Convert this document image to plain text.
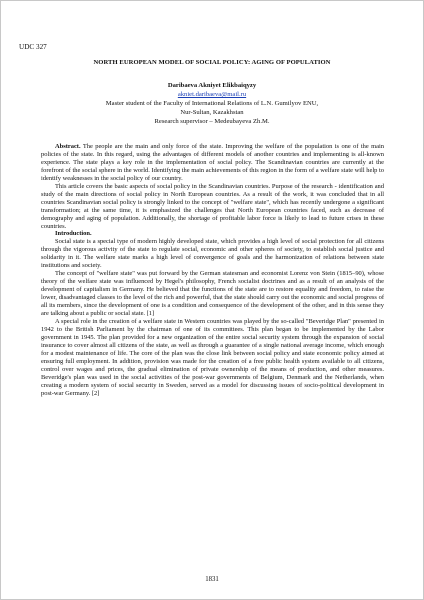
UDC 327
NORTH EUROPEAN MODEL OF SOCIAL POLICY: AGING OF POPULATION
Daribaeva Akniyet Elikbaiqyzy
akniet.daribaeva@mail.ru
Master student of the Faculty of International Relations of L.N. Gumilyov ENU,
Nur-Sultan, Kazakhstan
Research supervisor – Medeubayeva Zh.M.

Abstract. The people are the main and only force of the state. Improving the welfare of the population is one of the main policies of the state. In this regard, using the advantages of different models of another countries and implementing is all-known experience. The state plays a key role in the implementation of social policy. The Scandinavian countries are currently at the forefront of the social sphere in the world. Identifying the main achievements of this region in the form of a welfare state will help to identify weaknesses in the social policy of our country.

This article covers the basic aspects of social policy in the Scandinavian countries. Purpose of the research - identification and study of the main directions of social policy in North European countries. As a result of the work, it was concluded that in all countries Scandinavian social policy is strongly linked to the concept of "welfare state", which has recently undergone a significant transformation; at the same time, it is emphasized the challenges that North European countries faced, such as decrease of demography and aging of population. Additionally, the shortage of profitable labor force is likely to lead to future crises in these countries.

Introduction.

Social state is a special type of modern highly developed state, which provides a high level of social protection for all citizens through the vigorous activity of the state to regulate social, economic and other spheres of society, to establish social justice and solidarity in it. The welfare state marks a high level of convergence of goals and the harmonization of relations between state institutions and society.

The concept of "welfare state" was put forward by the German statesman and economist Lorenz von Stein (1815–90), whose theory of the welfare state was influenced by Hegel's philosophy, French socialist doctrines and as a result of an analysis of the development of capitalism in Germany. He believed that the functions of the state are to restore equality and freedom, to raise the lower, disadvantaged classes to the level of the rich and powerful, that the state should carry out the economic and social progress of all its members, since the development of one is a condition and consequence of the development of the other, and in this sense they are talking about a public or social state. [1]

A special role in the creation of a welfare state in Western countries was played by the so-called "Beveridge Plan" presented in 1942 to the British Parliament by the chairman of one of its committees. This plan began to be implemented by the Labor government in 1945. The plan provided for a new organization of the entire social security system through the expansion of social insurance to cover almost all citizens of the state, as well as through a guarantee of a single national average income, which enough for a modest maintenance of life. The core of the plan was the close link between social policy and state economic policy aimed at ensuring full employment. In addition, provision was made for the creation of a free public health system available to all citizens, control over wages and prices, the gradual elimination of private ownership of the means of production, and other measures. Beveridge's plan was used in the social activities of the post-war governments of Belgium, Denmark and the Netherlands, when creating a modern system of social security in Sweden, served as a model for discussing issues of socio-political development in post-war Germany. [2]

1831
